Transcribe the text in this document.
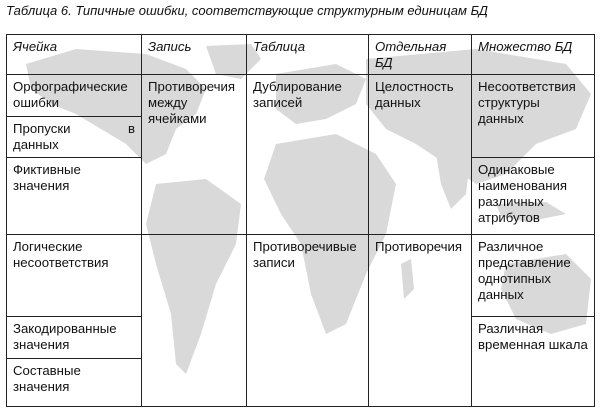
Таблица 6. Типичные ошибки, соответствующие структурным единицам БД
Ячейка	Запись	Таблица	Отдельная БД	Множество БД
Орфографические ошибки	Противоречия между ячейками	Дублирование записей	Целостность данных	Несоответствия структуры данных

Пропуски в
данных				
Фиктивные значения				Одинаковые наименования различных атрибутов
Логические несоответствия		Противоречивые записи	Противоречия	Различное представление однотипных данных
Закодированные значения				Различная временная шкала
Составные значения				
